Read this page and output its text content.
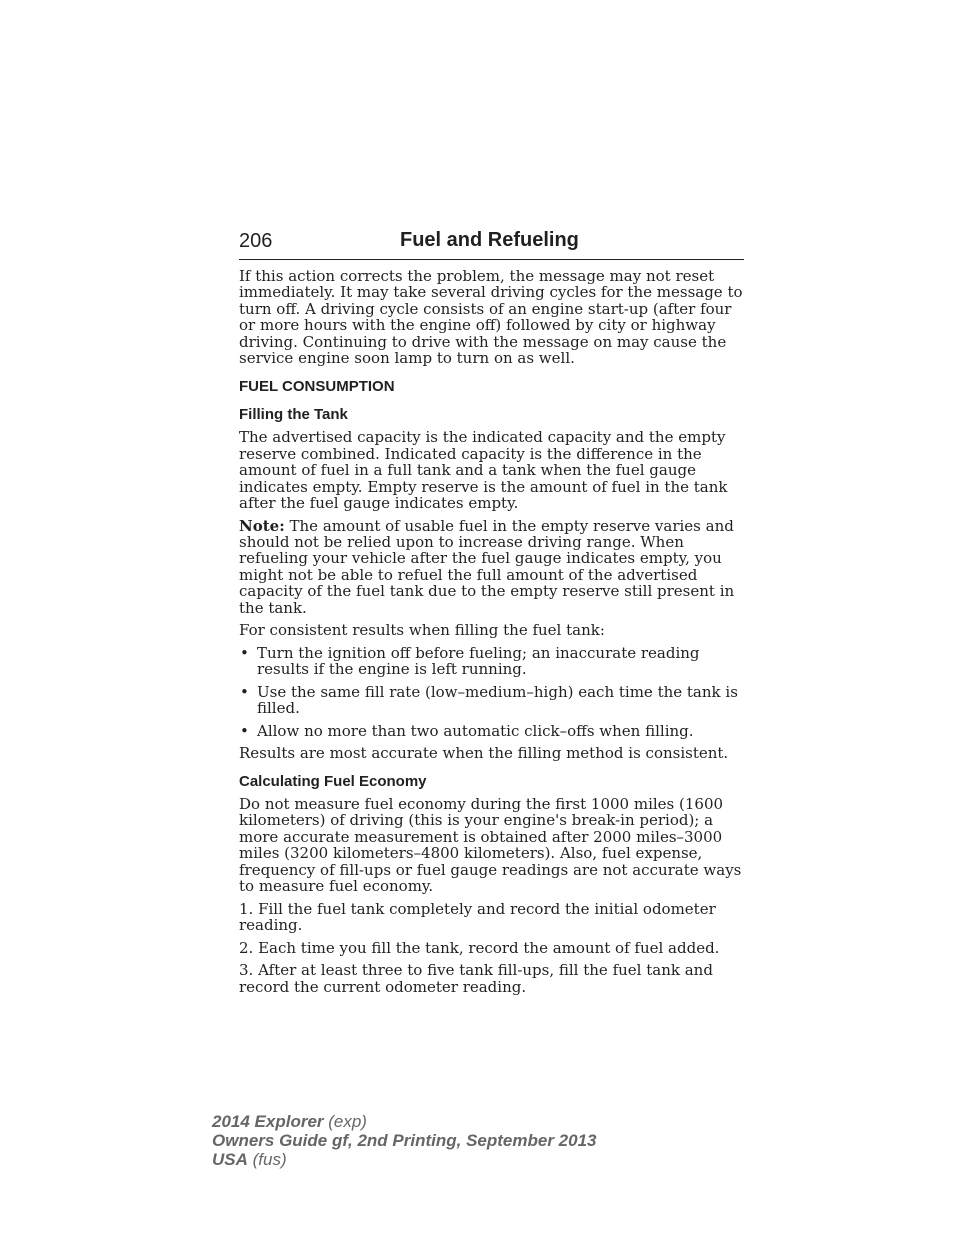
206	Fuel and Refueling

If this action corrects the problem, the message may not reset immediately. It may take several driving cycles for the message to turn off. A driving cycle consists of an engine start-up (after four or more hours with the engine off) followed by city or highway driving. Continuing to drive with the message on may cause the service engine soon lamp to turn on as well.

FUEL CONSUMPTION
Filling the Tank

The advertised capacity is the indicated capacity and the empty reserve combined. Indicated capacity is the difference in the amount of fuel in a full tank and a tank when the fuel gauge indicates empty. Empty reserve is the amount of fuel in the tank after the fuel gauge indicates empty.

Note: The amount of usable fuel in the empty reserve varies and should not be relied upon to increase driving range. When refueling your vehicle after the fuel gauge indicates empty, you might not be able to refuel the full amount of the advertised capacity of the fuel tank due to the empty reserve still present in the tank.

For consistent results when filling the fuel tank:

• Turn the ignition off before fueling; an inaccurate reading results if the engine is left running.
• Use the same fill rate (low–medium–high) each time the tank is filled.
• Allow no more than two automatic click–offs when filling.

Results are most accurate when the filling method is consistent.

Calculating Fuel Economy

Do not measure fuel economy during the first 1000 miles (1600 kilometers) of driving (this is your engine's break-in period); a more accurate measurement is obtained after 2000 miles–3000 miles (3200 kilometers–4800 kilometers). Also, fuel expense, frequency of fill-ups or fuel gauge readings are not accurate ways to measure fuel economy.

1. Fill the fuel tank completely and record the initial odometer reading.

2. Each time you fill the tank, record the amount of fuel added.

3. After at least three to five tank fill-ups, fill the fuel tank and record the current odometer reading.

2014 Explorer (exp)
Owners Guide gf, 2nd Printing, September 2013
USA (fus)
